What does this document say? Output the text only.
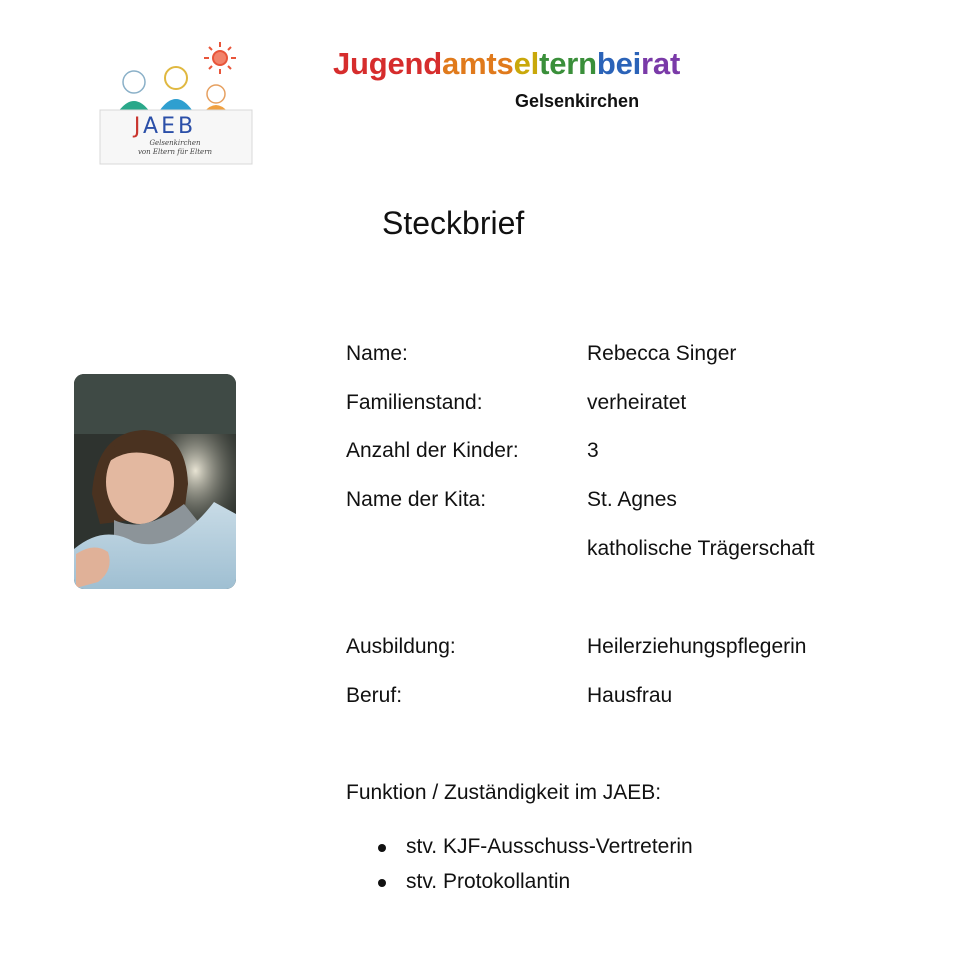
JAEB
Gelsenkirchen
von Eltern für Eltern
Jugendamtselternbeirat
Gelsenkirchen
Steckbrief
Name:	Rebecca Singer
Familienstand:	verheiratet
Anzahl der Kinder:	3
Name der Kita:	St. Agnes
katholische Trägerschaft
Ausbildung:	Heilerziehungspflegerin
Beruf:	Hausfrau
Funktion / Zuständigkeit im JAEB:
stv. KJF-Ausschuss-Vertreterin
stv. Protokollantin
